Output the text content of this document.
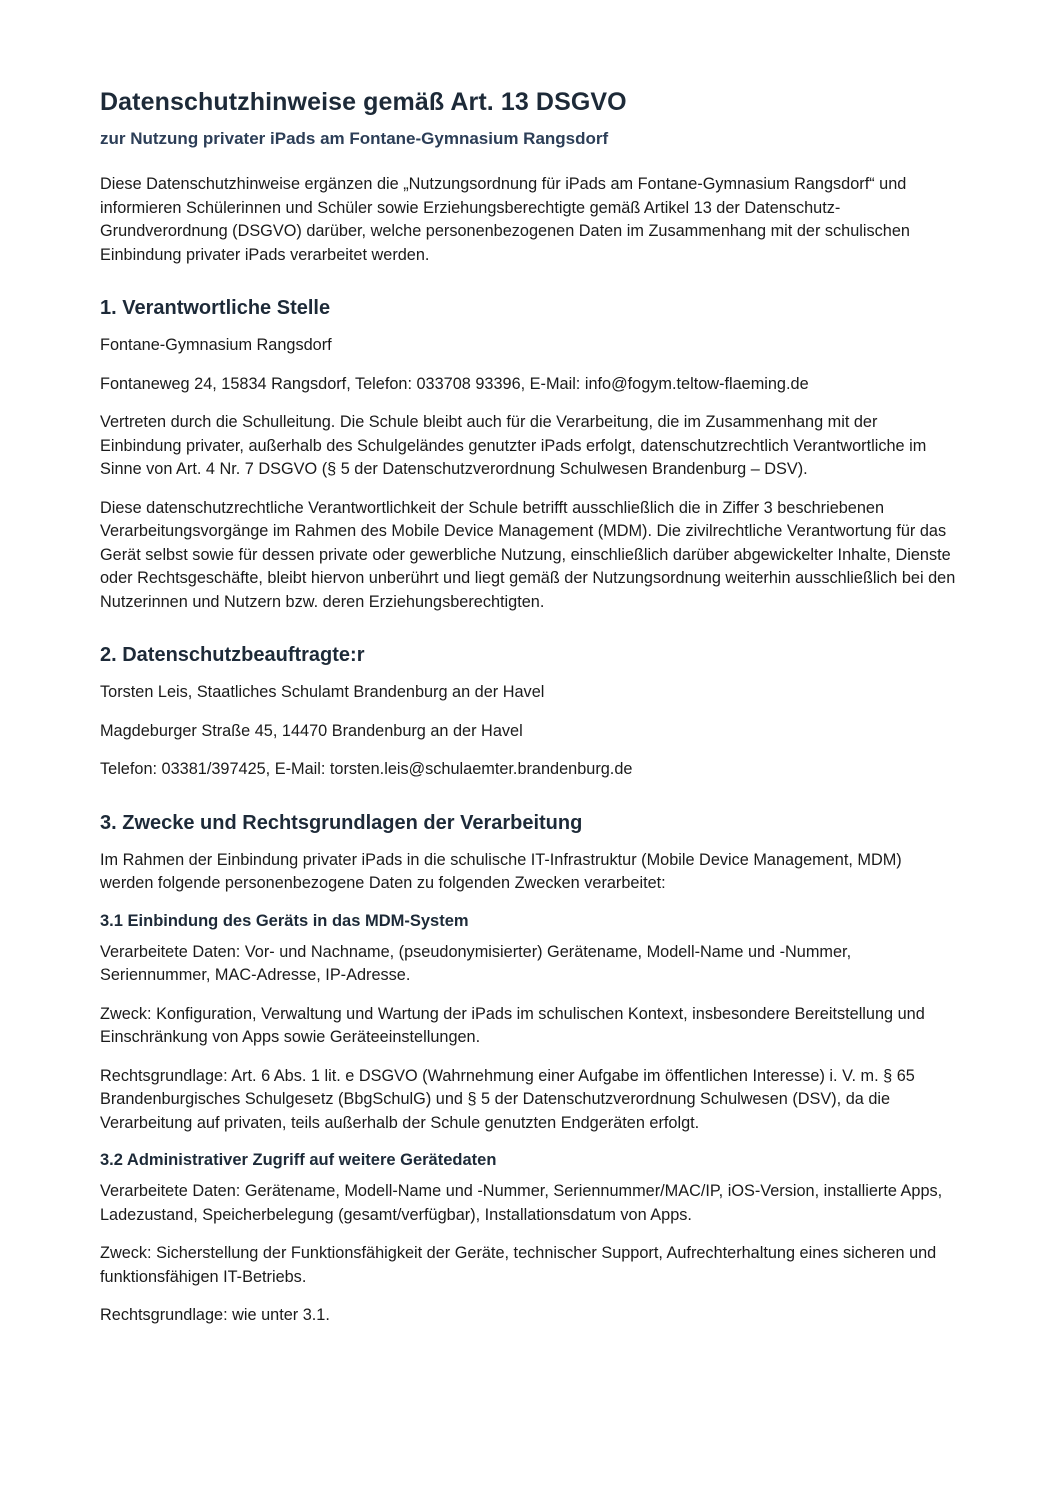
Datenschutzhinweise gemäß Art. 13 DSGVO
zur Nutzung privater iPads am Fontane-Gymnasium Rangsdorf

Diese Datenschutzhinweise ergänzen die „Nutzungsordnung für iPads am Fontane-Gymnasium Rangsdorf“ und informieren Schülerinnen und Schüler sowie Erziehungsberechtigte gemäß Artikel 13 der Datenschutz-Grundverordnung (DSGVO) darüber, welche personenbezogenen Daten im Zusammenhang mit der schulischen Einbindung privater iPads verarbeitet werden.

1. Verantwortliche Stelle

Fontane-Gymnasium Rangsdorf

Fontaneweg 24, 15834 Rangsdorf, Telefon: 033708 93396, E-Mail: info@fogym.teltow-flaeming.de

Vertreten durch die Schulleitung. Die Schule bleibt auch für die Verarbeitung, die im Zusammenhang mit der Einbindung privater, außerhalb des Schulgeländes genutzter iPads erfolgt, datenschutzrechtlich Verantwortliche im Sinne von Art. 4 Nr. 7 DSGVO (§ 5 der Datenschutzverordnung Schulwesen Brandenburg – DSV).

Diese datenschutzrechtliche Verantwortlichkeit der Schule betrifft ausschließlich die in Ziffer 3 beschriebenen Verarbeitungsvorgänge im Rahmen des Mobile Device Management (MDM). Die zivilrechtliche Verantwortung für das Gerät selbst sowie für dessen private oder gewerbliche Nutzung, einschließlich darüber abgewickelter Inhalte, Dienste oder Rechtsgeschäfte, bleibt hiervon unberührt und liegt gemäß der Nutzungsordnung weiterhin ausschließlich bei den Nutzerinnen und Nutzern bzw. deren Erziehungsberechtigten.

2. Datenschutzbeauftragte:r

Torsten Leis, Staatliches Schulamt Brandenburg an der Havel

Magdeburger Straße 45, 14470 Brandenburg an der Havel

Telefon: 03381/397425, E-Mail: torsten.leis@schulaemter.brandenburg.de

3. Zwecke und Rechtsgrundlagen der Verarbeitung

Im Rahmen der Einbindung privater iPads in die schulische IT-Infrastruktur (Mobile Device Management, MDM) werden folgende personenbezogene Daten zu folgenden Zwecken verarbeitet:

3.1 Einbindung des Geräts in das MDM-System

Verarbeitete Daten: Vor- und Nachname, (pseudonymisierter) Gerätename, Modell-Name und -Nummer, Seriennummer, MAC-Adresse, IP-Adresse.

Zweck: Konfiguration, Verwaltung und Wartung der iPads im schulischen Kontext, insbesondere Bereitstellung und Einschränkung von Apps sowie Geräteeinstellungen.

Rechtsgrundlage: Art. 6 Abs. 1 lit. e DSGVO (Wahrnehmung einer Aufgabe im öffentlichen Interesse) i. V. m. § 65 Brandenburgisches Schulgesetz (BbgSchulG) und § 5 der Datenschutzverordnung Schulwesen (DSV), da die Verarbeitung auf privaten, teils außerhalb der Schule genutzten Endgeräten erfolgt.

3.2 Administrativer Zugriff auf weitere Gerätedaten

Verarbeitete Daten: Gerätename, Modell-Name und -Nummer, Seriennummer/MAC/IP, iOS-Version, installierte Apps, Ladezustand, Speicherbelegung (gesamt/verfügbar), Installationsdatum von Apps.

Zweck: Sicherstellung der Funktionsfähigkeit der Geräte, technischer Support, Aufrechterhaltung eines sicheren und funktionsfähigen IT-Betriebs.

Rechtsgrundlage: wie unter 3.1.
